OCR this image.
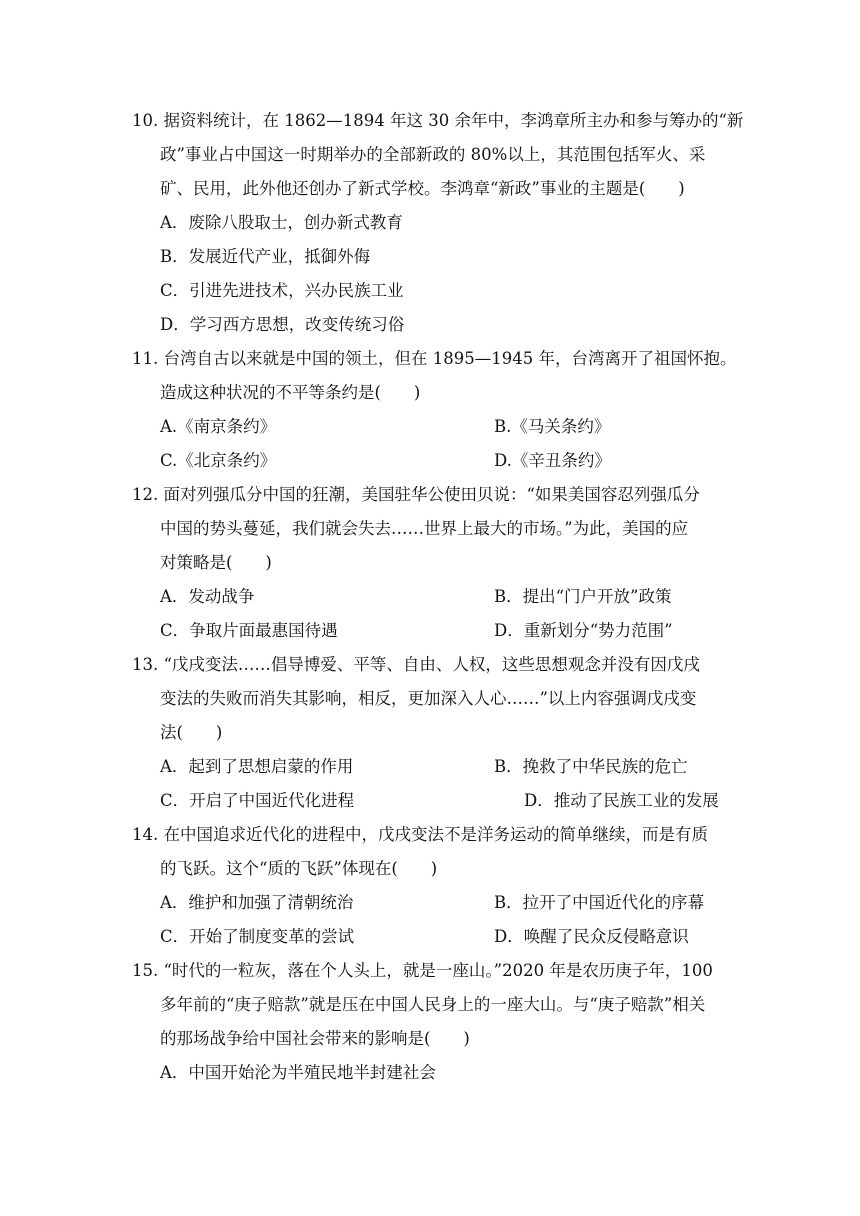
10. 据资料统计，在 1862—1894 年这 30 余年中，李鸿章所主办和参与筹办的“新
政”事业占中国这一时期举办的全部新政的 80%以上，其范围包括军火、采
矿、民用，此外他还创办了新式学校。李鸿章“新政”事业的主题是(　　)
A．废除八股取士，创办新式教育
B．发展近代产业，抵御外侮
C．引进先进技术，兴办民族工业
D．学习西方思想，改变传统习俗
11. 台湾自古以来就是中国的领土，但在 1895—1945 年，台湾离开了祖国怀抱。
造成这种状况的不平等条约是(　　)
A.《南京条约》	B.《马关条约》
C.《北京条约》	D.《辛丑条约》
12. 面对列强瓜分中国的狂潮，美国驻华公使田贝说：“如果美国容忍列强瓜分
中国的势头蔓延，我们就会失去……世界上最大的市场。”为此，美国的应
对策略是(　　)
A．发动战争	B．提出“门户开放”政策
C．争取片面最惠国待遇	D．重新划分“势力范围”
13. “戊戌变法……倡导博爱、平等、自由、人权，这些思想观念并没有因戊戌
变法的失败而消失其影响，相反，更加深入人心……”以上内容强调戊戌变
法(　　)
A．起到了思想启蒙的作用	B．挽救了中华民族的危亡
C．开启了中国近代化进程	D．推动了民族工业的发展
14. 在中国追求近代化的进程中，戊戌变法不是洋务运动的简单继续，而是有质
的飞跃。这个“质的飞跃”体现在(　　)
A．维护和加强了清朝统治	B．拉开了中国近代化的序幕
C．开始了制度变革的尝试	D．唤醒了民众反侵略意识
15. “时代的一粒灰，落在个人头上，就是一座山。”2020 年是农历庚子年，100
多年前的“庚子赔款”就是压在中国人民身上的一座大山。与“庚子赔款”相关
的那场战争给中国社会带来的影响是(　　)
A．中国开始沦为半殖民地半封建社会
